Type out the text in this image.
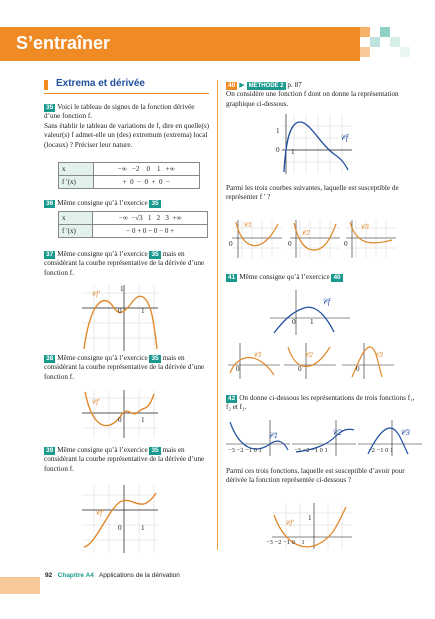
S’entraîner
Extrema et dérivée
35 Voici le tableau de signes de la fonction dérivée d’une fonction f.
Sans établir le tableau de variations de f, dire en quelle(s) valeur(s) f admet-elle un (des) extremum (extrema) local (locaux) ? Préciser leur nature.
x	−∞ −2 0 1 +∞
f ′(x)	+ 0 − 0 + 0 −
36 Même consigne qu’à l’exercice 35
x	−∞ −√3 1 2 3 +∞
f ′(x)	− 0 + 0 − 0 − 0 +
37 Même consigne qu’à l’exercice 35 mais en considérant la courbe représentative de la dérivée d’une fonction f.
𝒞f′
0	1
1
38 Même consigne qu’à l’exercice 35 mais en considérant la courbe représentative de la dérivée d’une fonction f.
𝒞f′
0	1
39 Même consigne qu’à l’exercice 35 mais en considérant la courbe représentative de la dérivée d’une fonction f.
𝒞f′
0	1
40 ▶ MÉTHODE 2 p. 87
On considère une fonction f dont on donne la représentation graphique ci-dessous.
𝒞f
0
1
1
Parmi les trois courbes suivantes, laquelle est susceptible de représenter f ′ ?
𝒞1
𝒞2
𝒞3
0	0	0
41 Même consigne qu’à l’exercice 40
𝒞f
0 1
𝒞1	𝒞2	𝒞3
0	0	0
42 On donne ci-dessous les représentations de trois fonctions f₁, f₂ et f₃.
𝒞1	𝒞2	𝒞3
−3 −2 −1 0 1	−3 −2 −1 0 1	−2 −1 0 1
Parmi ces trois fonctions, laquelle est susceptible d’avoir pour dérivée la fonction représentée ci-dessous ?
𝒞f′
1
−3 −2 −1 0 1
92 Chapitre A4 Applications de la dérivation
